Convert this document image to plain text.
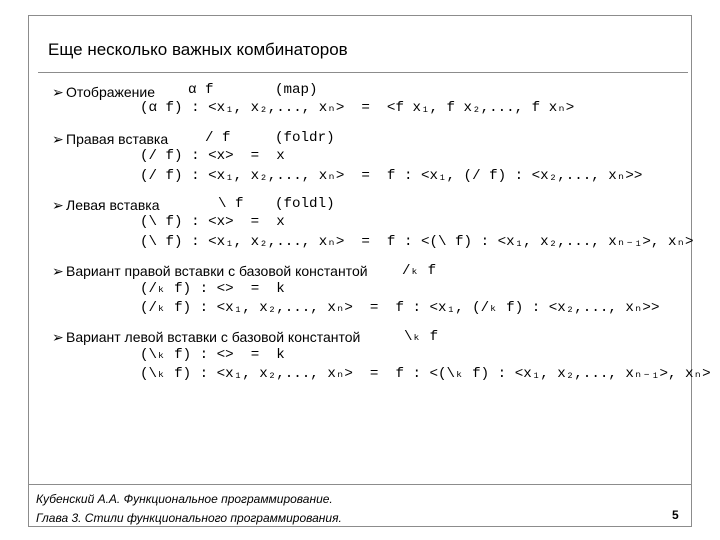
Еще несколько важных комбинаторов
➢ Отображение α f	(map)
(α f) : <x₁, x₂,..., xₙ>  =  <f x₁, f x₂,..., f xₙ>
➢ Правая вставка	/ f	(foldr)
(/ f) : <x>  =  x
(/ f) : <x₁, x₂,..., xₙ>  =  f : <x₁, (/ f) : <x₂,..., xₙ>>
➢ Левая вставка	\ f (foldl)
(\ f) : <x>  =  x
(\ f) : <x₁, x₂,..., xₙ>  =  f : <(\ f) : <x₁, x₂,..., xₙ₋₁>, xₙ>
➢ Вариант правой вставки с базовой константой /ₖ f
(/ₖ f) : <>  =  k
(/ₖ f) : <x₁, x₂,..., xₙ>  =  f : <x₁, (/ₖ f) : <x₂,..., xₙ>>
➢ Вариант левой вставки с базовой константой	\ₖ f
(\ₖ f) : <>  =  k
(\ₖ f) : <x₁, x₂,..., xₙ>  =  f : <(\ₖ f) : <x₁, x₂,..., xₙ₋₁>, xₙ>
Кубенский А.А. Функциональное программирование.
Глава 3. Стили функционального программирования.	5
